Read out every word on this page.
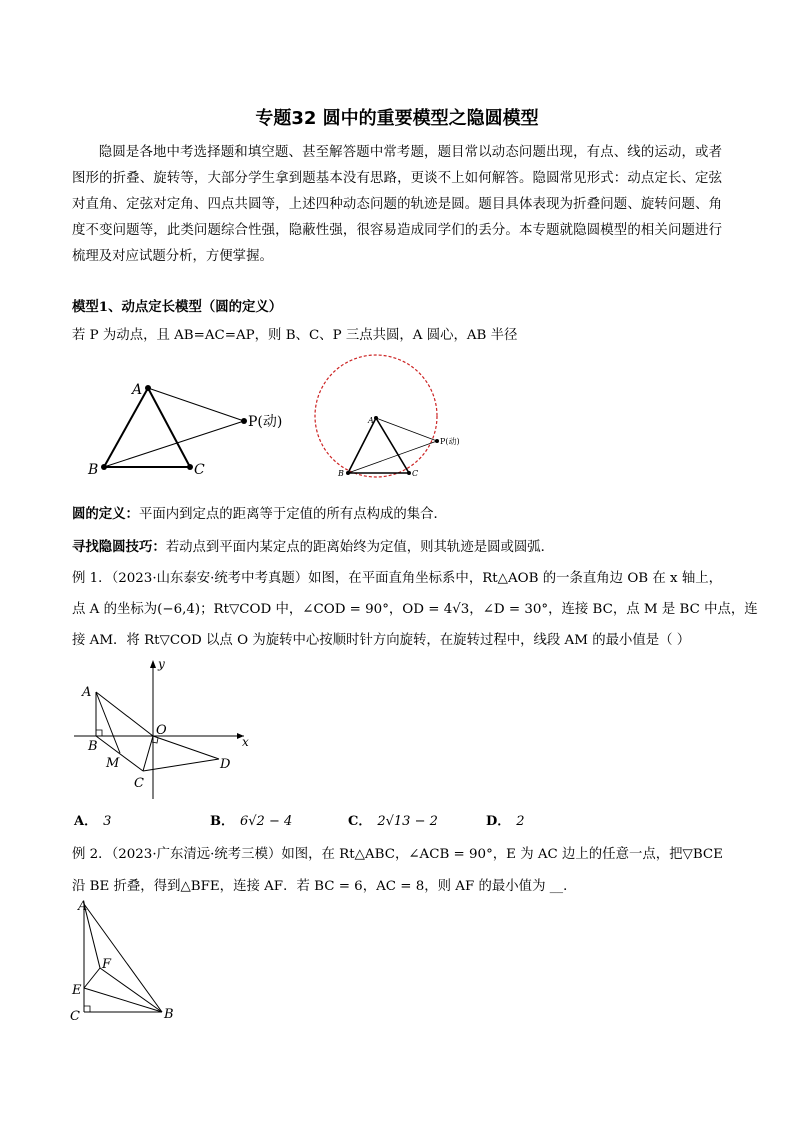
专题32 圆中的重要模型之隐圆模型
隐圆是各地中考选择题和填空题、甚至解答题中常考题，题目常以动态问题出现，有点、线的运动，或者图形的折叠、旋转等，大部分学生拿到题基本没有思路，更谈不上如何解答。隐圆常见形式：动点定长、定弦对直角、定弦对定角、四点共圆等，上述四种动态问题的轨迹是圆。题目具体表现为折叠问题、旋转问题、角度不变问题等，此类问题综合性强，隐蔽性强，很容易造成同学们的丢分。本专题就隐圆模型的相关问题进行梳理及对应试题分析，方便掌握。
模型1、动点定长模型（圆的定义）
若 P 为动点，且 AB=AC=AP，则 B、C、P 三点共圆，A 圆心，AB 半径
A
B	C
P(动)	A
B	C
P(动)
圆的定义：平面内到定点的距离等于定值的所有点构成的集合．
寻找隐圆技巧：若动点到平面内某定点的距离始终为定值，则其轨迹是圆或圆弧．
例 1．（2023·山东泰安·统考中考真题）如图，在平面直角坐标系中，Rt△AOB 的一条直角边 OB 在 x 轴上，
点 A 的坐标为(−6,4)；Rt▽COD 中，∠COD = 90°，OD = 4√3，∠D = 30°，连接 BC，点 M 是 BC 中点，连
接 AM．将 Rt▽COD 以点 O 为旋转中心按顺时针方向旋转，在旋转过程中，线段 AM 的最小值是（ ）
A
B
O
M
C
D
x
y
A． 3	B． 6√2 − 4	C． 2√13 − 2	D． 2
例 2．（2023·广东清远·统考三模）如图，在 Rt△ABC，∠ACB = 90°，E 为 AC 边上的任意一点，把▽BCE
沿 BE 折叠，得到△BFE，连接 AF．若 BC = 6，AC = 8，则 AF 的最小值为 __．
A
F
E
C	B
